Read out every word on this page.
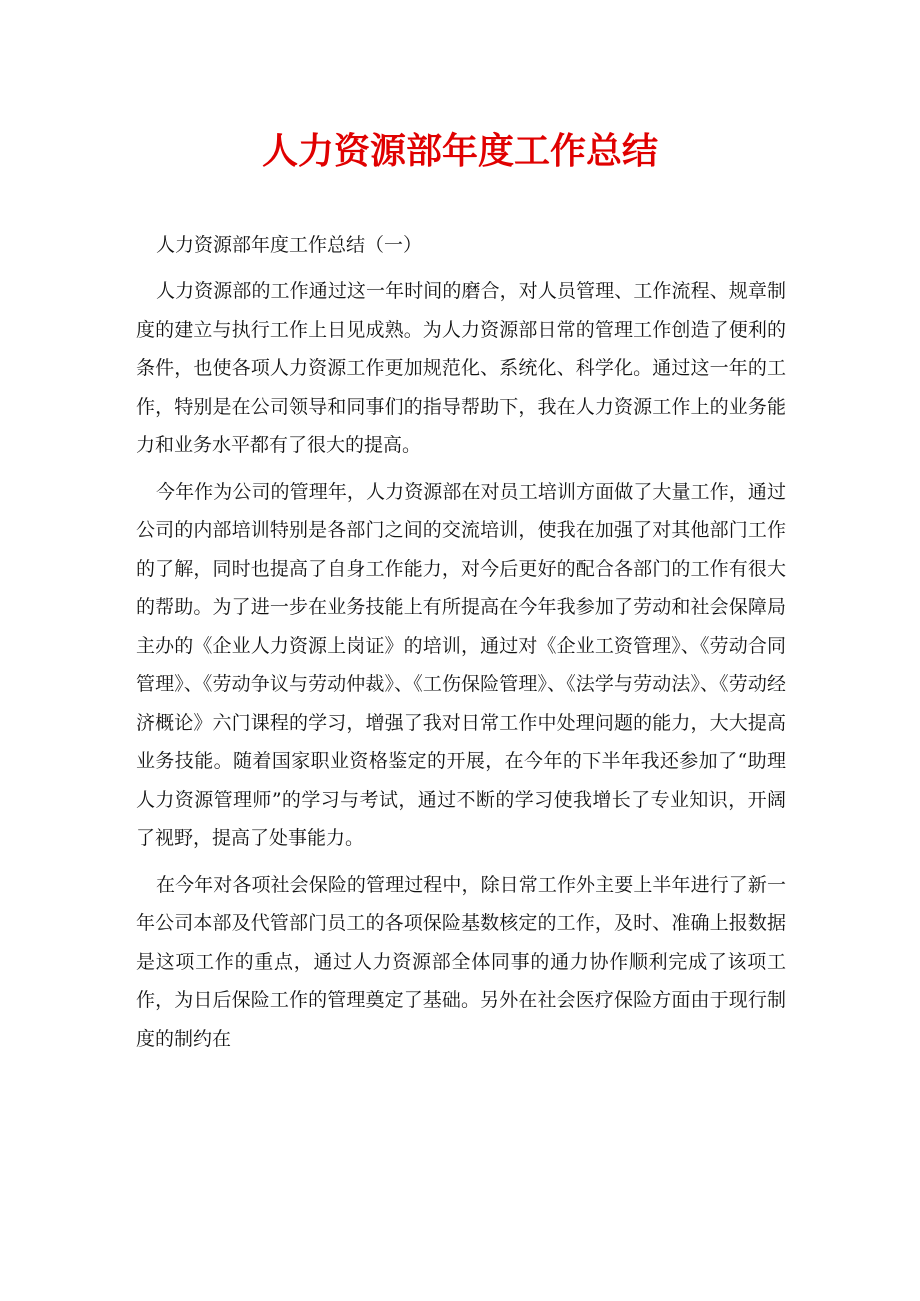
人力资源部年度工作总结

人力资源部年度工作总结（一）

人力资源部的工作通过这一年时间的磨合，对人员管理、工作流程、规章制度的建立与执行工作上日见成熟。为人力资源部日常的管理工作创造了便利的条件，也使各项人力资源工作更加规范化、系统化、科学化。通过这一年的工作，特别是在公司领导和同事们的指导帮助下，我在人力资源工作上的业务能力和业务水平都有了很大的提高。

今年作为公司的管理年，人力资源部在对员工培训方面做了大量工作，通过公司的内部培训特别是各部门之间的交流培训，使我在加强了对其他部门工作的了解，同时也提高了自身工作能力，对今后更好的配合各部门的工作有很大的帮助。为了进一步在业务技能上有所提高在今年我参加了劳动和社会保障局主办的《企业人力资源上岗证》的培训，通过对《企业工资管理》、《劳动合同管理》、《劳动争议与劳动仲裁》、《工伤保险管理》、《法学与劳动法》、《劳动经济概论》六门课程的学习，增强了我对日常工作中处理问题的能力，大大提高业务技能。随着国家职业资格鉴定的开展，在今年的下半年我还参加了“助理人力资源管理师”的学习与考试，通过不断的学习使我增长了专业知识，开阔了视野，提高了处事能力。

在今年对各项社会保险的管理过程中，除日常工作外主要上半年进行了新一年公司本部及代管部门员工的各项保险基数核定的工作，及时、准确上报数据是这项工作的重点，通过人力资源部全体同事的通力协作顺利完成了该项工作，为日后保险工作的管理奠定了基础。另外在社会医疗保险方面由于现行制度的制约在
